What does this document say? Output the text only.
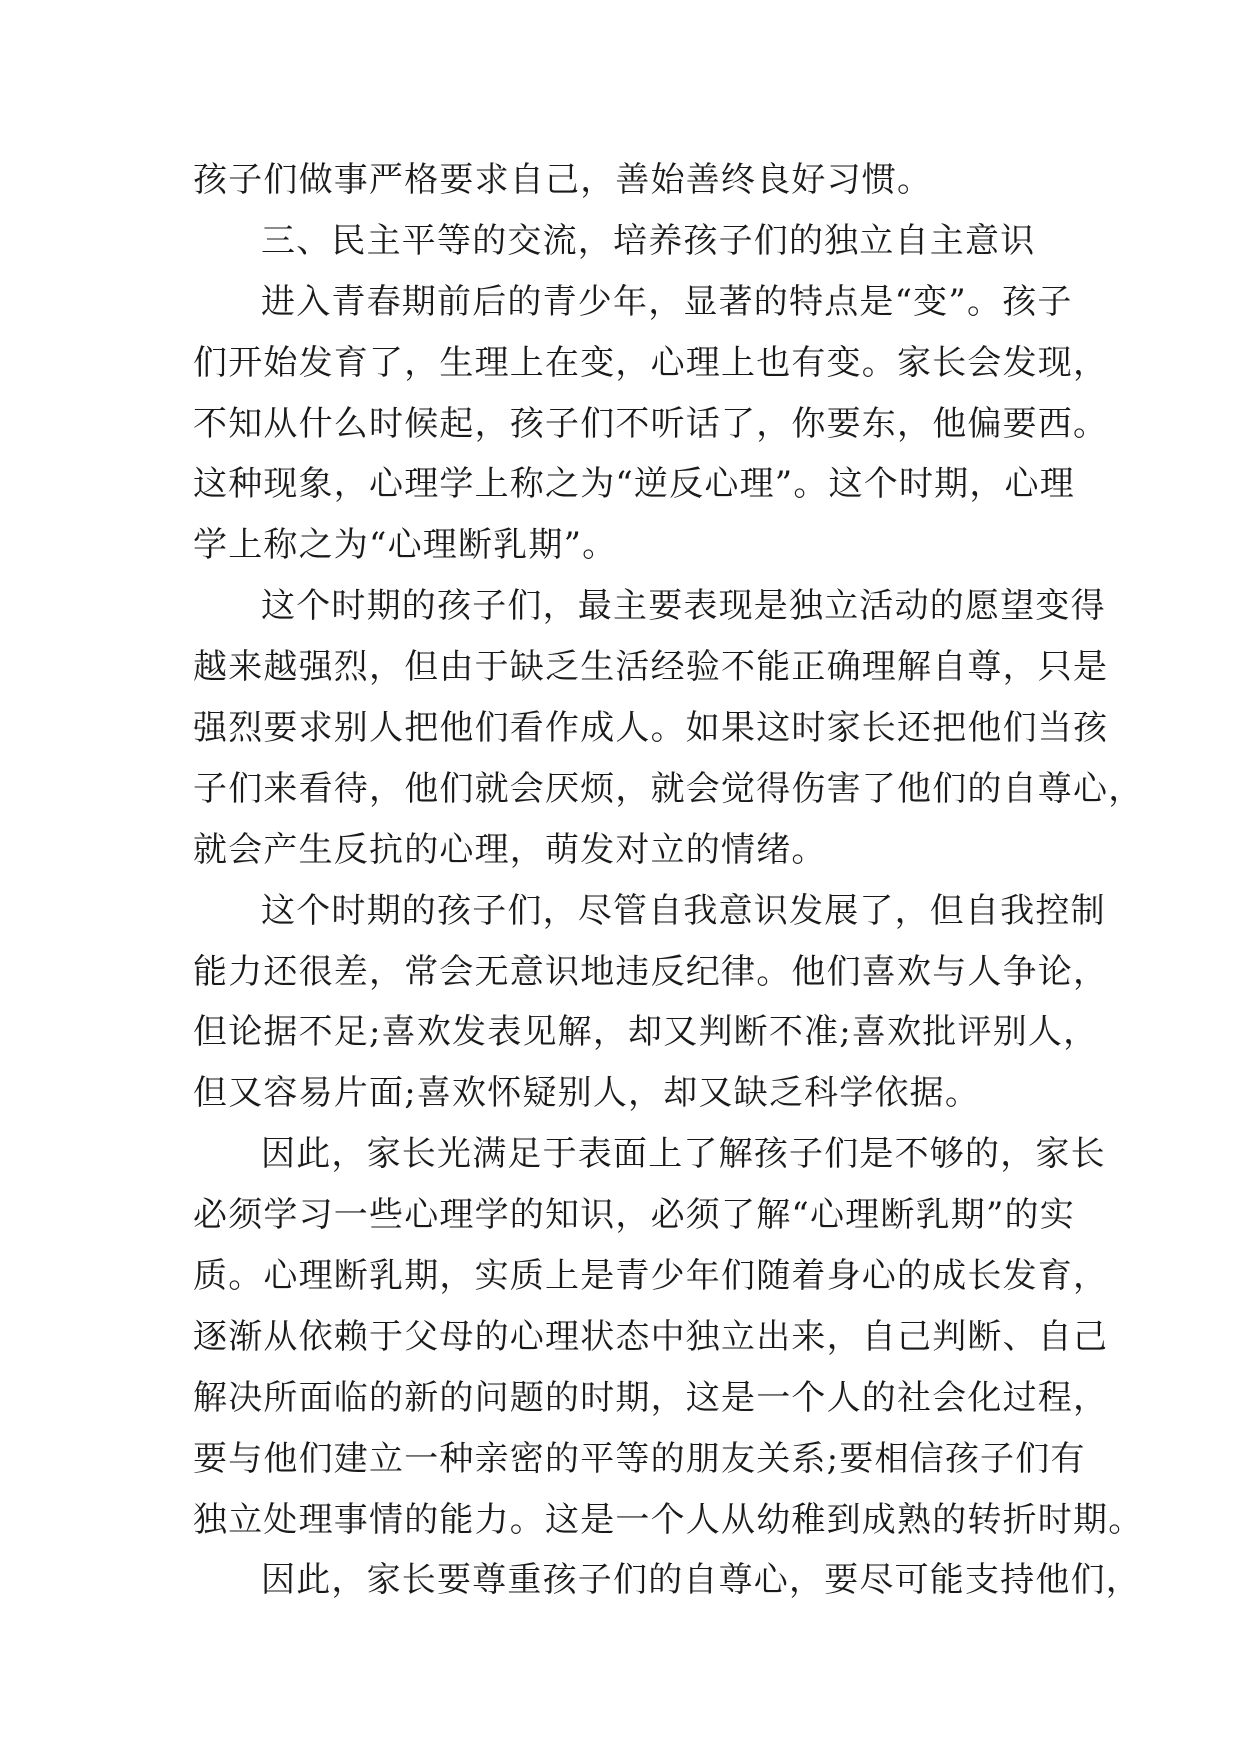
孩子们做事严格要求自己，善始善终良好习惯。
三、民主平等的交流，培养孩子们的独立自主意识
进入青春期前后的青少年，显著的特点是“变”。孩子
们开始发育了，生理上在变，心理上也有变。家长会发现，
不知从什么时候起，孩子们不听话了，你要东，他偏要西。
这种现象，心理学上称之为“逆反心理”。这个时期，心理
学上称之为“心理断乳期”。
这个时期的孩子们，最主要表现是独立活动的愿望变得
越来越强烈，但由于缺乏生活经验不能正确理解自尊，只是
强烈要求别人把他们看作成人。如果这时家长还把他们当孩
子们来看待，他们就会厌烦，就会觉得伤害了他们的自尊心，
就会产生反抗的心理，萌发对立的情绪。
这个时期的孩子们，尽管自我意识发展了，但自我控制
能力还很差，常会无意识地违反纪律。他们喜欢与人争论，
但论据不足;喜欢发表见解，却又判断不准;喜欢批评别人，
但又容易片面;喜欢怀疑别人，却又缺乏科学依据。
因此，家长光满足于表面上了解孩子们是不够的，家长
必须学习一些心理学的知识，必须了解“心理断乳期”的实
质。心理断乳期，实质上是青少年们随着身心的成长发育，
逐渐从依赖于父母的心理状态中独立出来，自己判断、自己
解决所面临的新的问题的时期，这是一个人的社会化过程，
要与他们建立一种亲密的平等的朋友关系;要相信孩子们有
独立处理事情的能力。这是一个人从幼稚到成熟的转折时期。
因此，家长要尊重孩子们的自尊心，要尽可能支持他们，
